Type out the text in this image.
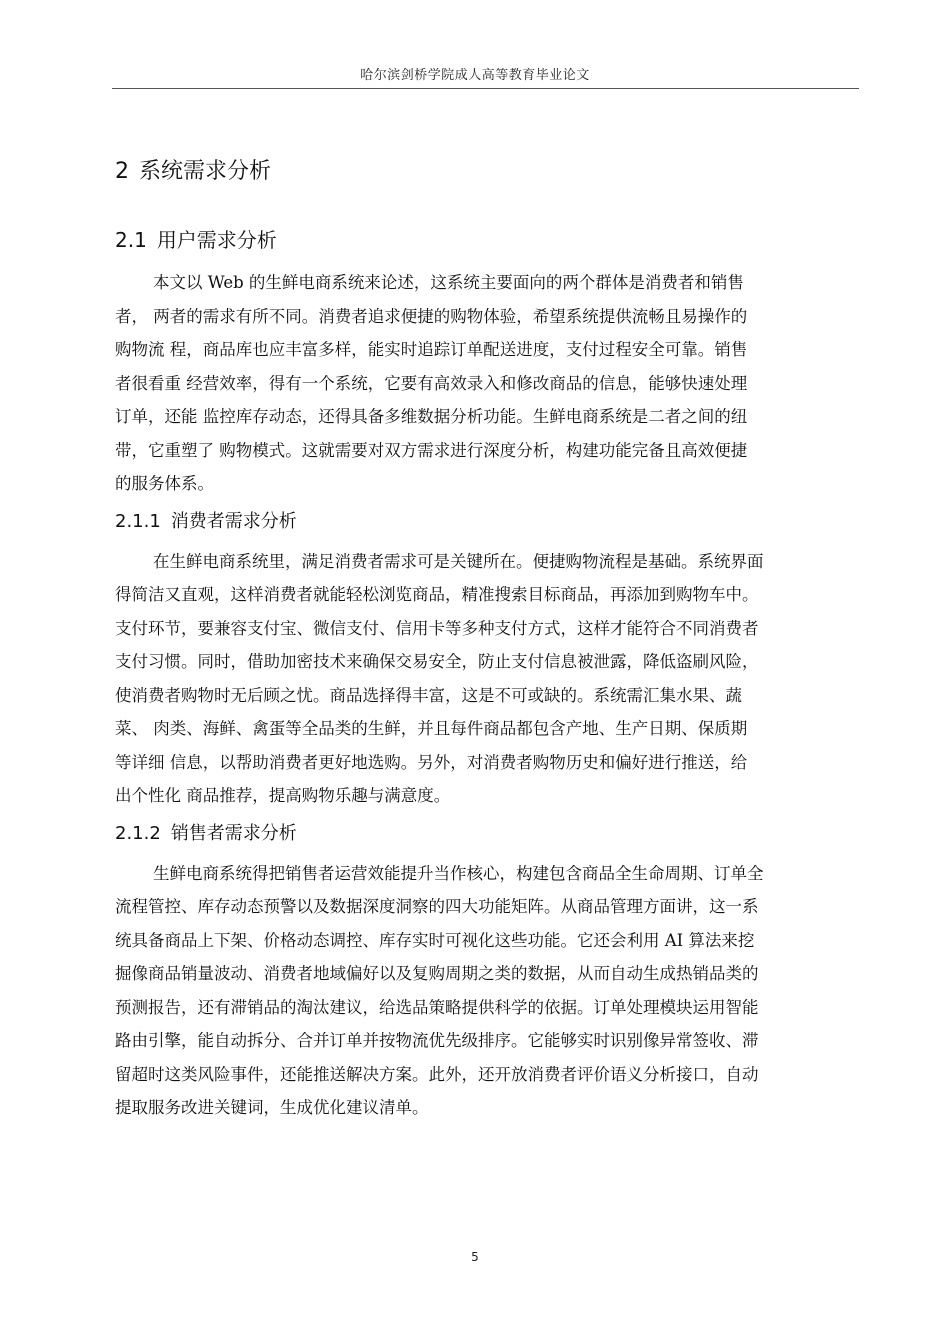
哈尔滨剑桥学院成人高等教育毕业论文
2 系统需求分析
2.1 用户需求分析
本文以 Web 的生鲜电商系统来论述，这系统主要面向的两个群体是消费者和销售
者， 两者的需求有所不同。消费者追求便捷的购物体验，希望系统提供流畅且易操作的
购物流 程，商品库也应丰富多样，能实时追踪订单配送进度，支付过程安全可靠。销售
者很看重 经营效率，得有一个系统，它要有高效录入和修改商品的信息，能够快速处理
订单，还能 监控库存动态，还得具备多维数据分析功能。生鲜电商系统是二者之间的纽
带，它重塑了 购物模式。这就需要对双方需求进行深度分析，构建功能完备且高效便捷
的服务体系。
2.1.1 消费者需求分析
在生鲜电商系统里，满足消费者需求可是关键所在。便捷购物流程是基础。系统界面
得简洁又直观，这样消费者就能轻松浏览商品，精准搜索目标商品，再添加到购物车中。
支付环节，要兼容支付宝、微信支付、信用卡等多种支付方式，这样才能符合不同消费者
支付习惯。同时，借助加密技术来确保交易安全，防止支付信息被泄露，降低盗刷风险，
使消费者购物时无后顾之忧。商品选择得丰富，这是不可或缺的。系统需汇集水果、蔬
菜、 肉类、海鲜、禽蛋等全品类的生鲜，并且每件商品都包含产地、生产日期、保质期
等详细 信息，以帮助消费者更好地选购。另外，对消费者购物历史和偏好进行推送，给
出个性化 商品推荐，提高购物乐趣与满意度。
2.1.2 销售者需求分析
生鲜电商系统得把销售者运营效能提升当作核心，构建包含商品全生命周期、订单全
流程管控、库存动态预警以及数据深度洞察的四大功能矩阵。从商品管理方面讲，这一系
统具备商品上下架、价格动态调控、库存实时可视化这些功能。它还会利用 AI 算法来挖
掘像商品销量波动、消费者地域偏好以及复购周期之类的数据，从而自动生成热销品类的
预测报告，还有滞销品的淘汰建议，给选品策略提供科学的依据。订单处理模块运用智能
路由引擎，能自动拆分、合并订单并按物流优先级排序。它能够实时识别像异常签收、滞
留超时这类风险事件，还能推送解决方案。此外，还开放消费者评价语义分析接口，自动
提取服务改进关键词，生成优化建议清单。
5
